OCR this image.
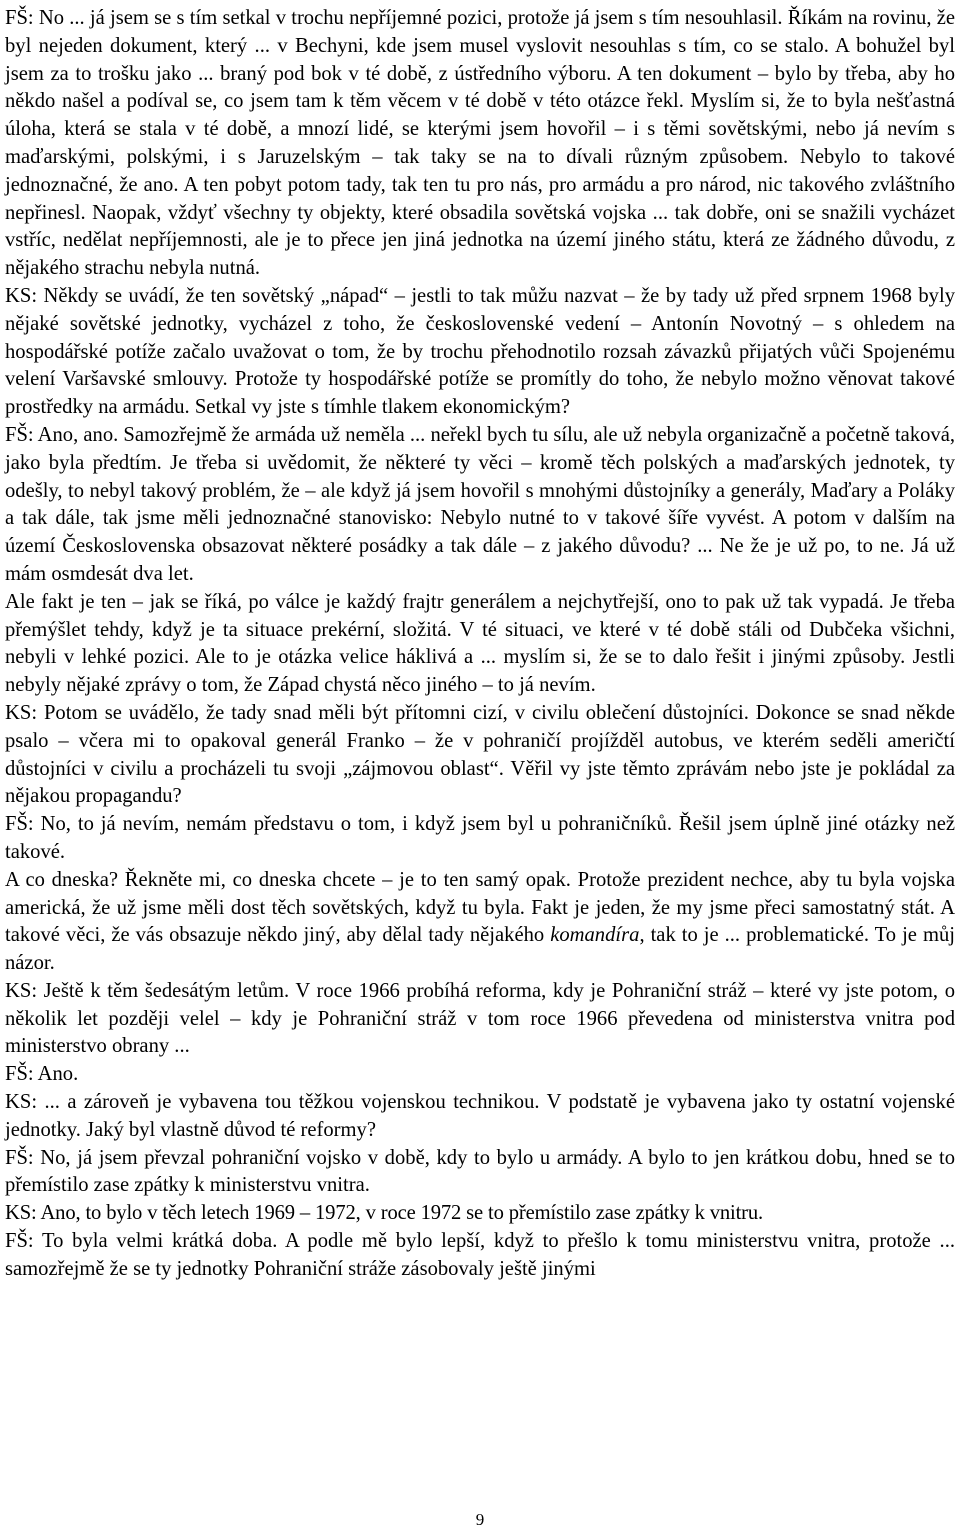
FŠ: No ... já jsem se s tím setkal v trochu nepříjemné pozici, protože já jsem s tím nesouhlasil. Říkám na rovinu, že byl nejeden dokument, který ... v Bechyni, kde jsem musel vyslovit nesouhlas s tím, co se stalo. A bohužel byl jsem za to trošku jako ... braný pod bok v té době, z ústředního výboru. A ten dokument – bylo by třeba, aby ho někdo našel a podíval se, co jsem tam k těm věcem v té době v této otázce řekl. Myslím si, že to byla nešťastná úloha, která se stala v té době, a mnozí lidé, se kterými jsem hovořil – i s těmi sovětskými, nebo já nevím s maďarskými, polskými, i s Jaruzelským – tak taky se na to dívali různým způsobem. Nebylo to takové jednoznačné, že ano. A ten pobyt potom tady, tak ten tu pro nás, pro armádu a pro národ, nic takového zvláštního nepřinesl. Naopak, vždyť všechny ty objekty, které obsadila sovětská vojska ... tak dobře, oni se snažili vycházet vstříc, nedělat nepříjemnosti, ale je to přece jen jiná jednotka na území jiného státu, která ze žádného důvodu, z nějakého strachu nebyla nutná.

KS: Někdy se uvádí, že ten sovětský „nápad“ – jestli to tak můžu nazvat – že by tady už před srpnem 1968 byly nějaké sovětské jednotky, vycházel z toho, že československé vedení – Antonín Novotný – s ohledem na hospodářské potíže začalo uvažovat o tom, že by trochu přehodnotilo rozsah závazků přijatých vůči Spojenému velení Varšavské smlouvy. Protože ty hospodářské potíže se promítly do toho, že nebylo možno věnovat takové prostředky na armádu. Setkal vy jste s tímhle tlakem ekonomickým?

FŠ: Ano, ano. Samozřejmě že armáda už neměla ... neřekl bych tu sílu, ale už nebyla organizačně a početně taková, jako byla předtím. Je třeba si uvědomit, že některé ty věci – kromě těch polských a maďarských jednotek, ty odešly, to nebyl takový problém, že – ale když já jsem hovořil s mnohými důstojníky a generály, Maďary a Poláky a tak dále, tak jsme měli jednoznačné stanovisko: Nebylo nutné to v takové šíře vyvést. A potom v dalším na území Československa obsazovat některé posádky a tak dále – z jakého důvodu? ... Ne že je už po, to ne. Já už mám osmdesát dva let.

Ale fakt je ten – jak se říká, po válce je každý frajtr generálem a nejchytřejší, ono to pak už tak vypadá. Je třeba přemýšlet tehdy, když je ta situace prekérní, složitá. V té situaci, ve které v té době stáli od Dubčeka všichni, nebyli v lehké pozici. Ale to je otázka velice háklivá a ... myslím si, že se to dalo řešit i jinými způsoby. Jestli nebyly nějaké zprávy o tom, že Západ chystá něco jiného – to já nevím.

KS: Potom se uvádělo, že tady snad měli být přítomni cizí, v civilu oblečení důstojníci. Dokonce se snad někde psalo – včera mi to opakoval generál Franko – že v pohraničí projížděl autobus, ve kterém seděli američtí důstojníci v civilu a procházeli tu svoji „zájmovou oblast“. Věřil vy jste těmto zprávám nebo jste je pokládal za nějakou propagandu?

FŠ: No, to já nevím, nemám představu o tom, i když jsem byl u pohraničníků. Řešil jsem úplně jiné otázky než takové.

A co dneska? Řekněte mi, co dneska chcete – je to ten samý opak. Protože prezident nechce, aby tu byla vojska americká, že už jsme měli dost těch sovětských, když tu byla. Fakt je jeden, že my jsme přeci samostatný stát. A takové věci, že vás obsazuje někdo jiný, aby dělal tady nějakého komandíra, tak to je ... problematické. To je můj názor.

KS: Ještě k těm šedesátým letům. V roce 1966 probíhá reforma, kdy je Pohraniční stráž – které vy jste potom, o několik let později velel – kdy je Pohraniční stráž v tom roce 1966 převedena od ministerstva vnitra pod ministerstvo obrany ...

FŠ: Ano.

KS: ... a zároveň je vybavena tou těžkou vojenskou technikou. V podstatě je vybavena jako ty ostatní vojenské jednotky. Jaký byl vlastně důvod té reformy?

FŠ: No, já jsem převzal pohraniční vojsko v době, kdy to bylo u armády. A bylo to jen krátkou dobu, hned se to přemístilo zase zpátky k ministerstvu vnitra.

KS: Ano, to bylo v těch letech 1969 – 1972, v roce 1972 se to přemístilo zase zpátky k vnitru.

FŠ: To byla velmi krátká doba. A podle mě bylo lepší, když to přešlo k tomu ministerstvu vnitra, protože ... samozřejmě že se ty jednotky Pohraniční stráže zásobovaly ještě jinými

9
